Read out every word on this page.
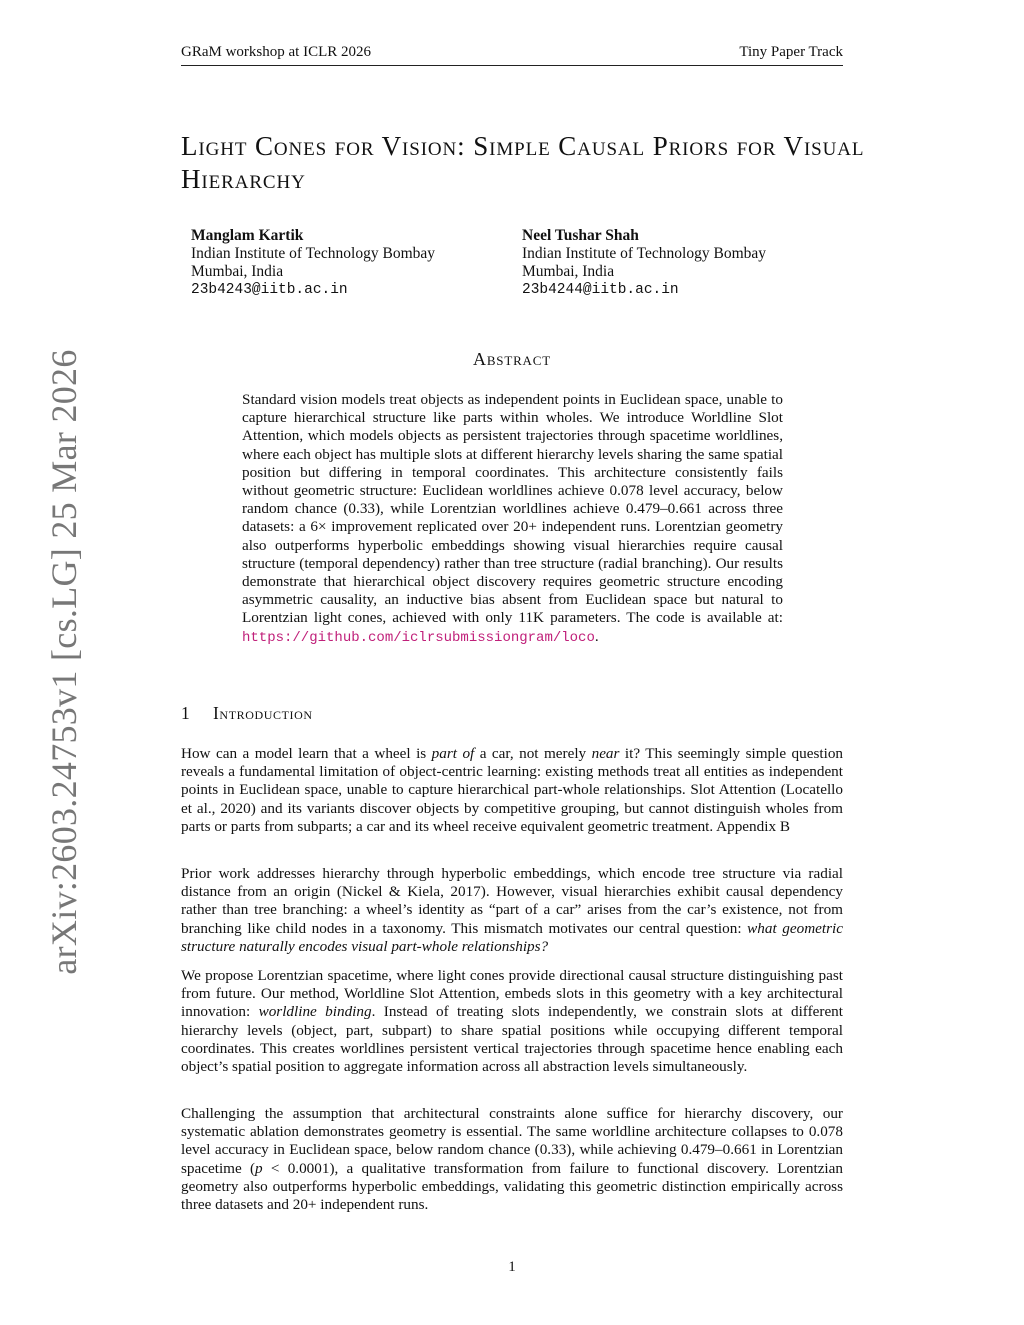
GRaM workshop at ICLR 2026	Tiny Paper Track
arXiv:2603.24753v1 [cs.LG] 25 Mar 2026
Light Cones for Vision: Simple Causal Priors for Visual Hierarchy
Manglam Kartik
Indian Institute of Technology Bombay
Mumbai, India
23b4243@iitb.ac.in
Neel Tushar Shah
Indian Institute of Technology Bombay
Mumbai, India
23b4244@iitb.ac.in
Abstract
Standard vision models treat objects as independent points in Euclidean space, unable to capture hierarchical structure like parts within wholes. We introduce Worldline Slot Attention, which models objects as persistent trajectories through spacetime worldlines, where each object has multiple slots at different hierarchy levels sharing the same spatial position but differing in temporal coordinates. This architecture consistently fails without geometric structure: Euclidean worldlines achieve 0.078 level accuracy, below random chance (0.33), while Lorentzian worldlines achieve 0.479–0.661 across three datasets: a 6× improvement replicated over 20+ independent runs. Lorentzian geometry also outperforms hyperbolic embeddings showing visual hierarchies require causal structure (temporal dependency) rather than tree structure (radial branching). Our results demonstrate that hierarchical object discovery requires geometric structure encoding asymmetric causality, an inductive bias absent from Euclidean space but natural to Lorentzian light cones, achieved with only 11K parameters. The code is available at: https://github.com/iclrsubmissiongram/loco.
1 Introduction

How can a model learn that a wheel is part of a car, not merely near it? This seemingly simple question reveals a fundamental limitation of object-centric learning: existing methods treat all entities as independent points in Euclidean space, unable to capture hierarchical part-whole relationships. Slot Attention (Locatello et al., 2020) and its variants discover objects by competitive grouping, but cannot distinguish wholes from parts or parts from subparts; a car and its wheel receive equivalent geometric treatment. Appendix B

Prior work addresses hierarchy through hyperbolic embeddings, which encode tree structure via radial distance from an origin (Nickel & Kiela, 2017). However, visual hierarchies exhibit causal dependency rather than tree branching: a wheel’s identity as “part of a car” arises from the car’s existence, not from branching like child nodes in a taxonomy. This mismatch motivates our central question: what geometric structure naturally encodes visual part-whole relationships?

We propose Lorentzian spacetime, where light cones provide directional causal structure distinguishing past from future. Our method, Worldline Slot Attention, embeds slots in this geometry with a key architectural innovation: worldline binding. Instead of treating slots independently, we constrain slots at different hierarchy levels (object, part, subpart) to share spatial positions while occupying different temporal coordinates. This creates worldlines persistent vertical trajectories through spacetime hence enabling each object’s spatial position to aggregate information across all abstraction levels simultaneously.

Challenging the assumption that architectural constraints alone suffice for hierarchy discovery, our systematic ablation demonstrates geometry is essential. The same worldline architecture collapses to 0.078 level accuracy in Euclidean space, below random chance (0.33), while achieving 0.479–0.661 in Lorentzian spacetime (p < 0.0001), a qualitative transformation from failure to functional discovery. Lorentzian geometry also outperforms hyperbolic embeddings, validating this geometric distinction empirically across three datasets and 20+ independent runs.

1
